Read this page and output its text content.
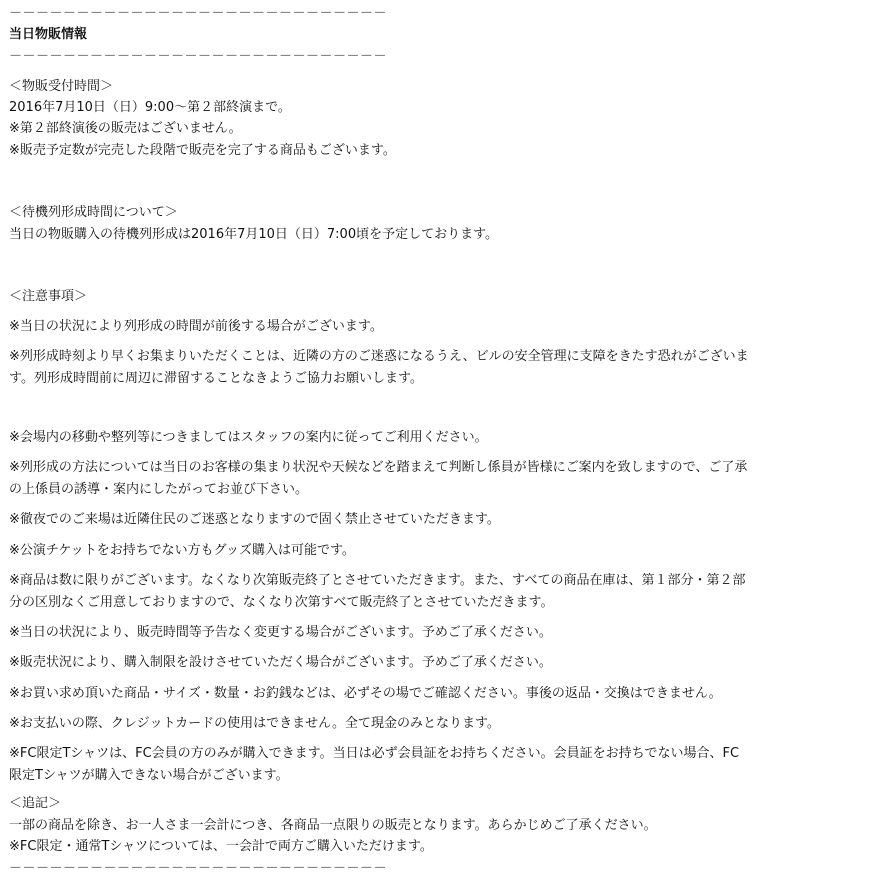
－－－－－－－－－－－－－－－－－－－－－－－－－－－－
当日物販情報
－－－－－－－－－－－－－－－－－－－－－－－－－－－－
＜物販受付時間＞
2016年7月10日（日）9:00〜第２部終演まで。
※第２部終演後の販売はございません。
※販売予定数が完売した段階で販売を完了する商品もございます。
＜待機列形成時間について＞
当日の物販購入の待機列形成は2016年7月10日（日）7:00頃を予定しております。
＜注意事項＞
※当日の状況により列形成の時間が前後する場合がございます。
※列形成時刻より早くお集まりいただくことは、近隣の方のご迷惑になるうえ、ビルの安全管理に支障をきたす恐れがございま
す。列形成時間前に周辺に滞留することなきようご協力お願いします。
※会場内の移動や整列等につきましてはスタッフの案内に従ってご利用ください。
※列形成の方法については当日のお客様の集まり状況や天候などを踏まえて判断し係員が皆様にご案内を致しますので、ご了承
の上係員の誘導・案内にしたがってお並び下さい。
※徹夜でのご来場は近隣住民のご迷惑となりますので固く禁止させていただきます。
※公演チケットをお持ちでない方もグッズ購入は可能です。
※商品は数に限りがございます。なくなり次第販売終了とさせていただきます。また、すべての商品在庫は、第１部分・第２部
分の区別なくご用意しておりますので、なくなり次第すべて販売終了とさせていただきます。
※当日の状況により、販売時間等予告なく変更する場合がございます。予めご了承ください。
※販売状況により、購入制限を設けさせていただく場合がございます。予めご了承ください。
※お買い求め頂いた商品・サイズ・数量・お釣銭などは、必ずその場でご確認ください。事後の返品・交換はできません。
※お支払いの際、クレジットカードの使用はできません。全て現金のみとなります。
※FC限定Tシャツは、FC会員の方のみが購入できます。当日は必ず会員証をお持ちください。会員証をお持ちでない場合、FC
限定Tシャツが購入できない場合がございます。
＜追記＞
一部の商品を除き、お一人さま一会計につき、各商品一点限りの販売となります。あらかじめご了承ください。
※FC限定・通常Tシャツについては、一会計で両方ご購入いただけます。
－－－－－－－－－－－－－－－－－－－－－－－－－－－－
